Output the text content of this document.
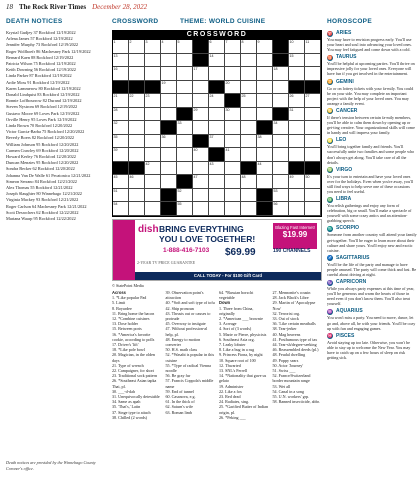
18 The Rock River Times December 28, 2022
DEATH NOTICES	CROSSWORD	THEME: WORLD CUISINE	HOROSCOPE
Krystal Gudjey 37 Rockford 12/19/2022
Arlena James 57 Rockford 12/19/2022
Jennifer Murphy 73 Rockford 12/19/2022
Roger Wolfhoefr 86 Machesney Park 12/19/2022
Bernard Kaen 88 Rockford 12/19/2022
Patricia Wilson 75 Rockford 12/19/2022
Keith Downing 56 Rockford 12/19/2022
Linda Parker 87 Rockford 12/19/2022
Ardie Moss 91 Rockford 12/19/2022
Karen Lammerow 80 Rockford 12/19/2022
Donald Lindquist 83 Rockford 12/19/2022
Ronnie Loffbourrow 82 Durand 12/19/2022
Steven Nystrom 69 Rockford 12/19/2022
Gustavo Moore 69 Loves Park 12/19/2022
Orville Henry 95 Loves Park 12/19/2022
Linda Brown 70 Rockford 12/20/2022
Victor Garcia-Barba 75 Rockford 12/20/2022
Beverly Boers 82 Rockford 12/20/2022
William Johnson 95 Rockford 12/20/2022
Carmen Crawley 69 Rockford 12/20/2022
Howard Kerley 76 Rockford 12/20/2022
Duncan Menzies 95 Rockford 12/20/2022
Sondra Becker 62 Rockford 12/20/2022
Johanna Van De Walle 61 Pecatonica 12/21/2022
Simeon Serrano 84 Rockford 12/21/2022
Alex Thomas 55 Rockford 12/21/2022
Joseph Slaughter 80 Winnebago 12/21/2022
Virginia Mackey 93 Rockford 12/21/2022
Roger Carlson 64 Machesney Park 12/21/2022
Scott Desrochers 62 Rockford 12/22/2022
Mariana Waarp 95 Rockford 12/22/2022
Death notices are provided by the Winnebago County Coroner's office.
CROSSWORD
1	2	3	4	5	6	7	8	9	10	11
13	14	15
16	17	18
19	20
21	22	23	24	25	26	27
28	29	30	31
32	33	34
35	36	37	38
39	40	41
42	43	44
45	46	47	48	49	50
51	52	53
54	55	56
dish BRING EVERYTHING
YOU LOVE TOGETHER!
Blazing Fast Internet!
$19.99
2-YEAR TV PRICE GUARANTEE
1-888-416-7103 $69.99	190 CHANNELS
CALL TODAY - For $100 Gift Card
© StatePoint Media
Across
1. *Like popular Pad
5. Limit
8. Boyardee
11. Bring home the bacon
12. *Combine cuisines
13. Dose holder
15. Between ports
16. *America's favorite cookie, according to polls
17. Driver's 'lift'
18. *Like pole bowl
20. Magician, in the olden days
21. Type of wrench
22. Campaigner, for short
23. Traditional sock pattern
26. *Southeast Asian tapka Thai, pl.
30. ___-d-dah
31. Unequivocally detestable
34. Same as apah
35. 'That's,' Latin
37. Singe type to attach
38. Chilled (2 words)
39. Observation point's attraction
40. *Soft and soft type of tofu
42. Ship pronoun
43. Thrusts out or causes to protrude
45. Overway to instigate
47. Without profession-al help, pl.
48. Energy to motion converter
50. H.S. math class
52. *Wasabi is popular in this cuisine
55. *Type of radical Vienna noodle
56. Be gray fur
57. Francis Coppola's middle name
59. End of tunnel
60. Casanova, e.g.
61. In the thick of
62. Saturn's wife
63. Roman limb
64. *Russian borscht vegetable
Down
1. Three from China, originally
2. *American ___ brownie
3. Acreage
4. Sort of (3 words)
5. Marie or Pierre, physicists
6. Southeast Asia org.
7. Leaky lobster
8. Like a bug in a rug
9. Princess Fiona, by night
10. Square root of 100
12. Thwarted
13. SNL's Ferrell
14. *Nationality that gave us gelato
19. Administer
22. Like a fox
23. Red dead
24. Radiates, sing.
25. *Garified Butter of Indian origin, pl.
26. *Peking ___
27. Mennonite's cousin
28. Jack Black's Libre
29. Martin of 'Apocalypse Now'
32. Terrorist org.
33. Out of stock
36. 'Like certain meatballs
38. Tear-jerker
40. Mag heavens
41. Posthumous type of tax
44. Tear-sh/degree-seeking
46. Reassembled deeds (pl.)
48. Feudal dwelling
49. Poppy sears
50. Actor 'Journey'
51. Swiss ___
52. France/Switzerland border mountain range
53. Wet all
54. Canal in a song
55. U.N. workers' grp.
58. Banned insecticide, abbr.
♈ ARIES
You may have to envision progress early. You'll use your heart and soul into advancing your loved ones. You may feel fatigued and come down with a cold.
♉ TAURUS
You'll be helpful at upcoming parties. You'll thrive on impressive jolly for your loved ones. Everyone will have fun if you get involved in the entertainment.
♊ GEMINI
Go or on lottery tickets with your fa-mily. You could be on your side. You may complete an important project with the help of your loved ones. You may arrange a family event.
♋ CANCER
If there's tension between certain fa-mily members, you'll be able to calm them down by opening up or get-ting creative. Your organizational skills will come in handy and will impress your family.
♌ LEO
You'll bring together family and friends. You'll successfully unite two families and some people who don't always get along. You'll take care of all the details.
♍ VIRGO
It's your turn to entertain and have your loved ones over for the holidays. Even when you're away, you'll still find ways to help serve one of these occasions you need to feel useful.
♎ LIBRA
You relish gatherings and enjoy any form of celebration, big or small. You'll make a spectacle of yourself with some crazy antics and an attention-grabbing speech.
♏ SCORPIO
Someone from another country will attend your family get-together. You'll be eager to learn more about their culture and share yours. You'll enjoy new and exotic cuisine.
♐ SAGITTARIUS
You'll be the life of the party and manage to have people amused. The party will come thick and fast. Be careful about driving at night.
♑ CAPRICORN
While you always party expenses at this time of year, you'll be generous and warm the hearts of those in need even if you don't know them. You'll also treat yourself.
♒ AQUARIUS
You won't miss a party. You need to move, dance, let go and, above all, be with your friends. You'll be cozy up with fun and engaging games.
♓ PISCES
Avoid staying up too late. Otherwise, you won't be able to stay up to welcome the New Year. You may have to catch up on a few hours of sleep on risk getting sick.
